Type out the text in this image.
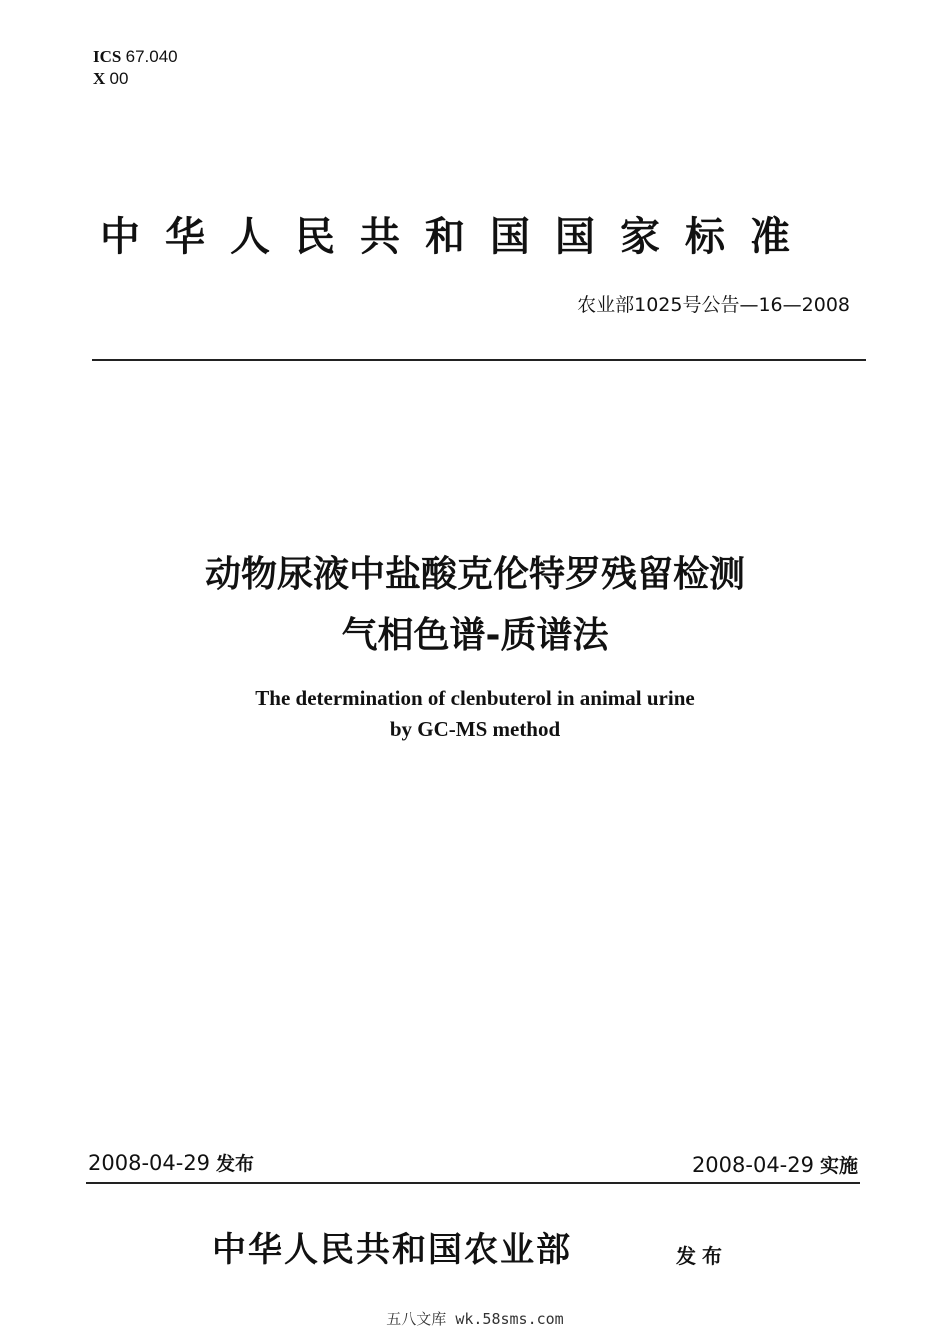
ICS 67.040
X 00
中华人民共和国国家标准
农业部1025号公告—16—2008
动物尿液中盐酸克伦特罗残留检测
气相色谱-质谱法
The determination of clenbuterol in animal urine
by GC-MS method
2008-04-29 发布	2008-04-29 实施
中华人民共和国农业部	发布
五八文库 wk.58sms.com
